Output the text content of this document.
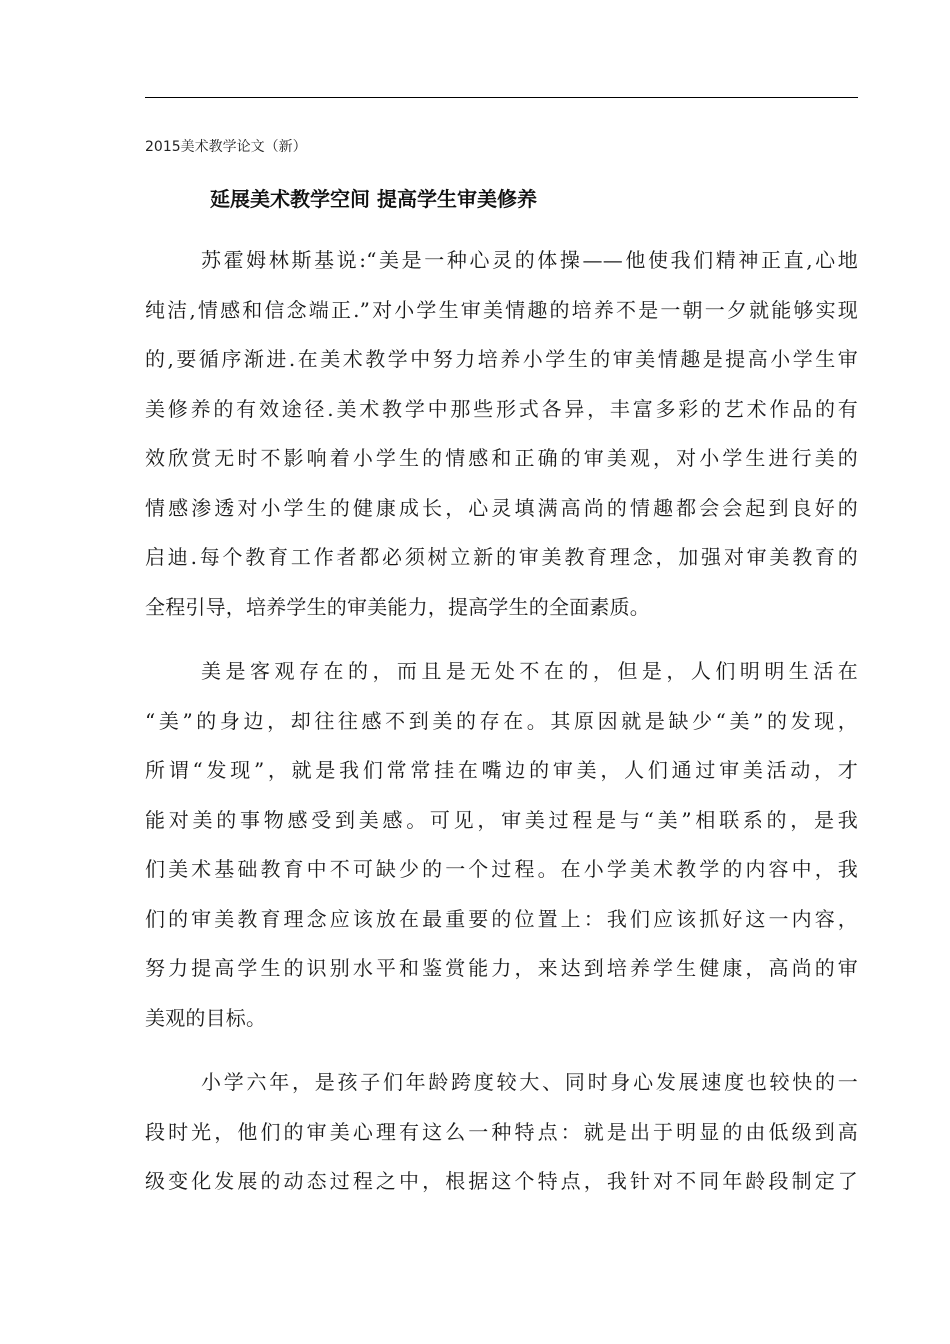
2015美术教学论文（新）
延展美术教学空间 提高学生审美修养
苏霍姆林斯基说:“美是一种心灵的体操——他使我们精神正直,心地
纯洁,情感和信念端正.”对小学生审美情趣的培养不是一朝一夕就能够实现
的,要循序渐进.在美术教学中努力培养小学生的审美情趣是提高小学生审
美修养的有效途径.美术教学中那些形式各异，丰富多彩的艺术作品的有
效欣赏无时不影响着小学生的情感和正确的审美观，对小学生进行美的
情感渗透对小学生的健康成长，心灵填满高尚的情趣都会会起到良好的
启迪.每个教育工作者都必须树立新的审美教育理念，加强对审美教育的
全程引导，培养学生的审美能力，提高学生的全面素质。
美是客观存在的，而且是无处不在的，但是，人们明明生活在
“美”的身边，却往往感不到美的存在。其原因就是缺少“美”的发现，
所谓“发现”，就是我们常常挂在嘴边的审美，人们通过审美活动，才
能对美的事物感受到美感。可见，审美过程是与“美”相联系的，是我
们美术基础教育中不可缺少的一个过程。在小学美术教学的内容中，我
们的审美教育理念应该放在最重要的位置上：我们应该抓好这一内容，
努力提高学生的识别水平和鉴赏能力，来达到培养学生健康，高尚的审
美观的目标。
小学六年，是孩子们年龄跨度较大、同时身心发展速度也较快的一
段时光，他们的审美心理有这么一种特点：就是出于明显的由低级到高
级变化发展的动态过程之中，根据这个特点，我针对不同年龄段制定了
